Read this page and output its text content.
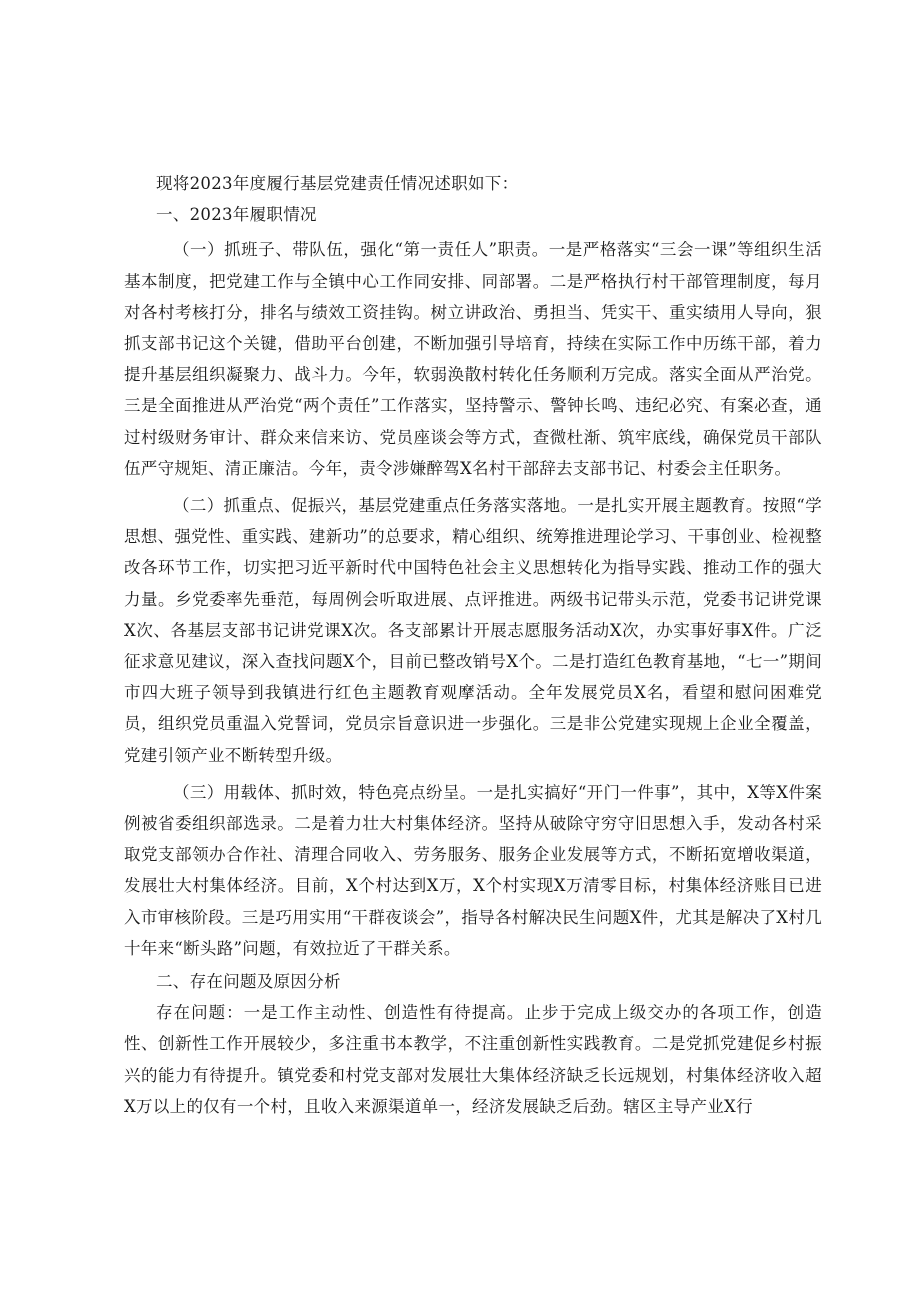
现将2023年度履行基层党建责任情况述职如下：

一、2023年履职情况

（一）抓班子、带队伍，强化“第一责任人”职责。一是严格落实“三会一课”等组织生活基本制度，把党建工作与全镇中心工作同安排、同部署。二是严格执行村干部管理制度，每月对各村考核打分，排名与绩效工资挂钩。树立讲政治、勇担当、凭实干、重实绩用人导向，狠抓支部书记这个关键，借助平台创建，不断加强引导培育，持续在实际工作中历练干部，着力提升基层组织凝聚力、战斗力。今年，软弱涣散村转化任务顺利万完成。落实全面从严治党。三是全面推进从严治党“两个责任”工作落实，坚持警示、警钟长鸣、违纪必究、有案必查，通过村级财务审计、群众来信来访、党员座谈会等方式，查微杜渐、筑牢底线，确保党员干部队伍严守规矩、清正廉洁。今年，责令涉嫌醉驾X名村干部辞去支部书记、村委会主任职务。

（二）抓重点、促振兴，基层党建重点任务落实落地。一是扎实开展主题教育。按照“学思想、强党性、重实践、建新功”的总要求，精心组织、统筹推进理论学习、干事创业、检视整改各环节工作，切实把习近平新时代中国特色社会主义思想转化为指导实践、推动工作的强大力量。乡党委率先垂范，每周例会听取进展、点评推进。两级书记带头示范，党委书记讲党课X次、各基层支部书记讲党课X次。各支部累计开展志愿服务活动X次，办实事好事X件。广泛征求意见建议，深入查找问题X个，目前已整改销号X个。二是打造红色教育基地，“七一”期间市四大班子领导到我镇进行红色主题教育观摩活动。全年发展党员X名，看望和慰问困难党员，组织党员重温入党誓词，党员宗旨意识进一步强化。三是非公党建实现规上企业全覆盖，党建引领产业不断转型升级。

（三）用载体、抓时效，特色亮点纷呈。一是扎实搞好“开门一件事”，其中，X等X件案例被省委组织部选录。二是着力壮大村集体经济。坚持从破除守穷守旧思想入手，发动各村采取党支部领办合作社、清理合同收入、劳务服务、服务企业发展等方式，不断拓宽增收渠道，发展壮大村集体经济。目前，X个村达到X万，X个村实现X万清零目标，村集体经济账目已进入市审核阶段。三是巧用实用“干群夜谈会”，指导各村解决民生问题X件，尤其是解决了X村几十年来“断头路”问题，有效拉近了干群关系。

二、存在问题及原因分析

存在问题：一是工作主动性、创造性有待提高。止步于完成上级交办的各项工作，创造性、创新性工作开展较少，多注重书本教学，不注重创新性实践教育。二是党抓党建促乡村振兴的能力有待提升。镇党委和村党支部对发展壮大集体经济缺乏长远规划，村集体经济收入超X万以上的仅有一个村，且收入来源渠道单一，经济发展缺乏后劲。辖区主导产业X行
